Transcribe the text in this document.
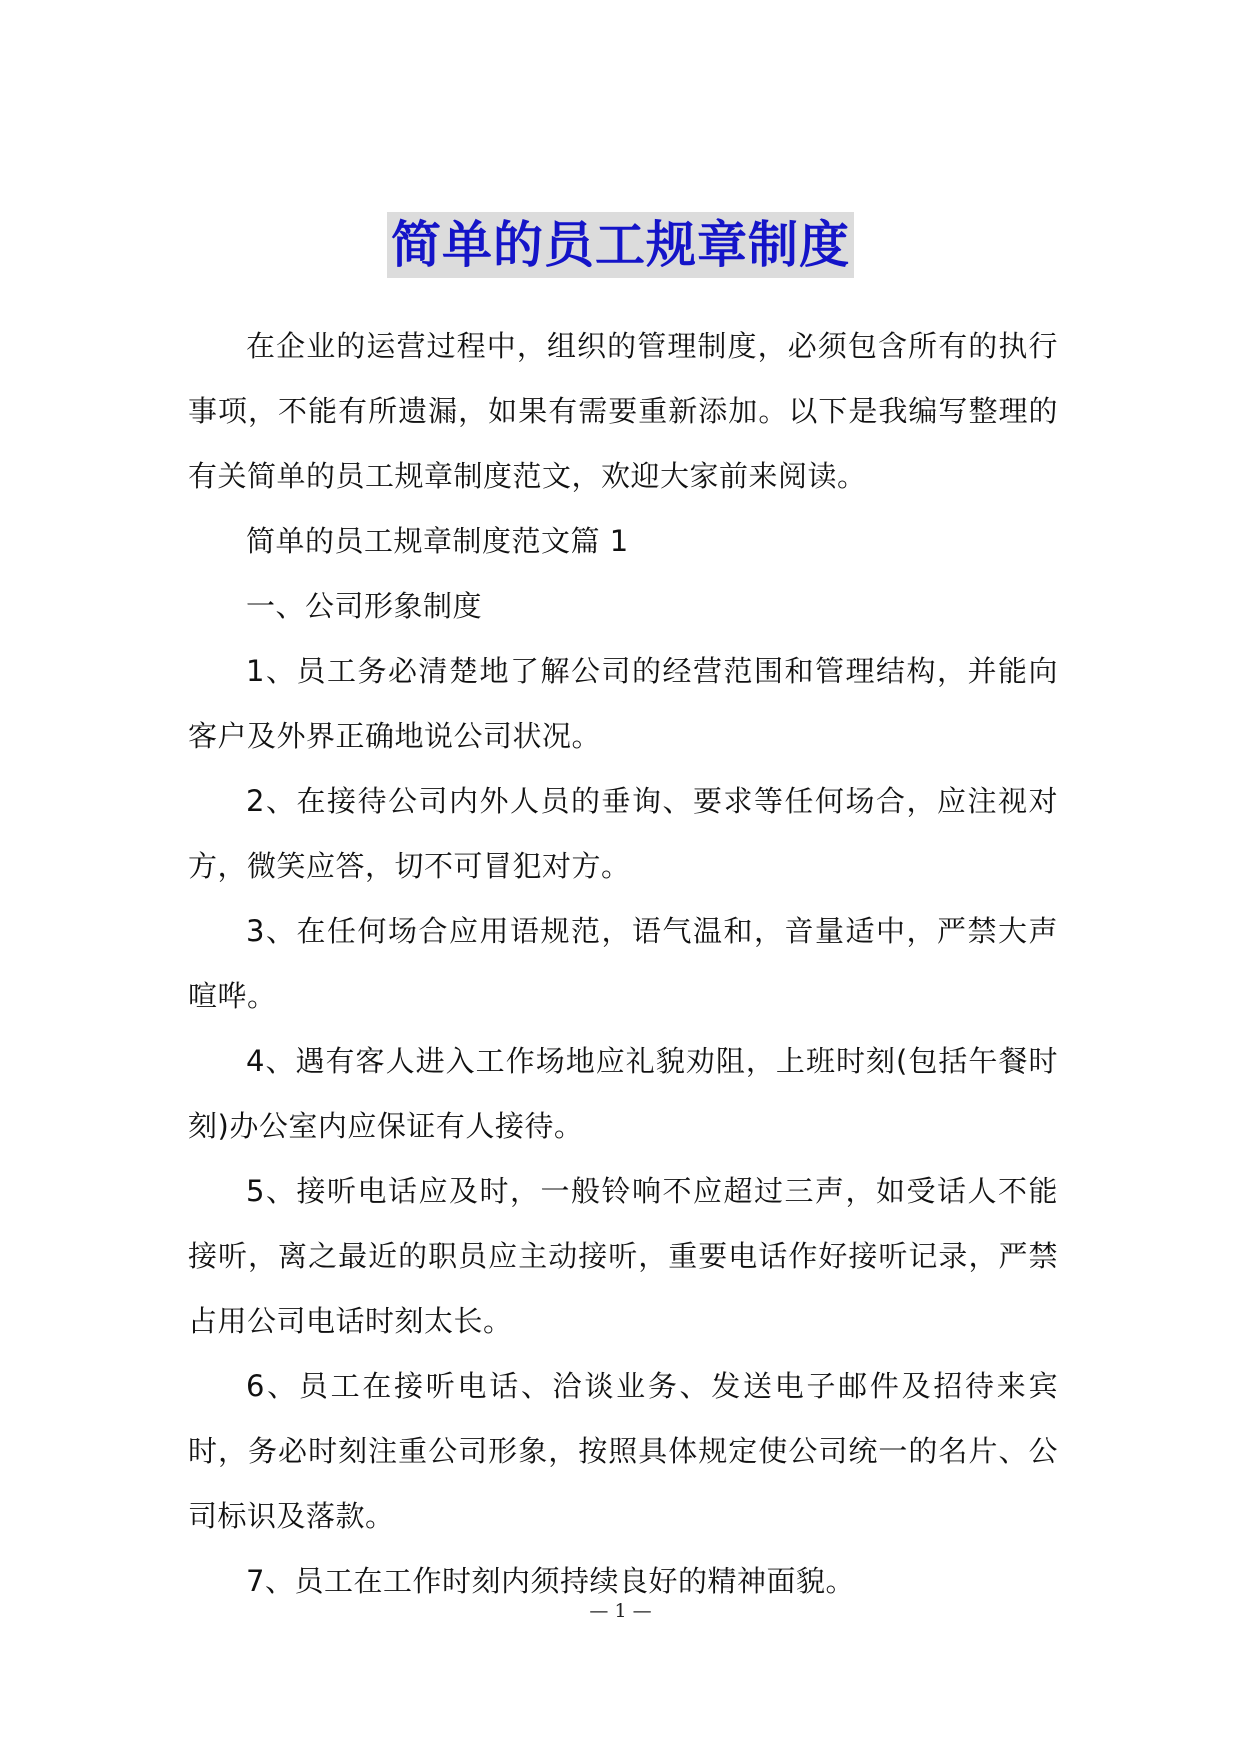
简单的员工规章制度

在企业的运营过程中，组织的管理制度，必须包含所有的执行事项，不能有所遗漏，如果有需要重新添加。以下是我编写整理的有关简单的员工规章制度范文，欢迎大家前来阅读。

简单的员工规章制度范文篇 1

一、公司形象制度

1、员工务必清楚地了解公司的经营范围和管理结构，并能向客户及外界正确地说公司状况。

2、在接待公司内外人员的垂询、要求等任何场合，应注视对方，微笑应答，切不可冒犯对方。

3、在任何场合应用语规范，语气温和，音量适中，严禁大声喧哗。

4、遇有客人进入工作场地应礼貌劝阻，上班时刻(包括午餐时刻)办公室内应保证有人接待。

5、接听电话应及时，一般铃响不应超过三声，如受话人不能接听，离之最近的职员应主动接听，重要电话作好接听记录，严禁占用公司电话时刻太长。

6、员工在接听电话、洽谈业务、发送电子邮件及招待来宾时，务必时刻注重公司形象，按照具体规定使公司统一的名片、公司标识及落款。

7、员工在工作时刻内须持续良好的精神面貌。

— 1 —
